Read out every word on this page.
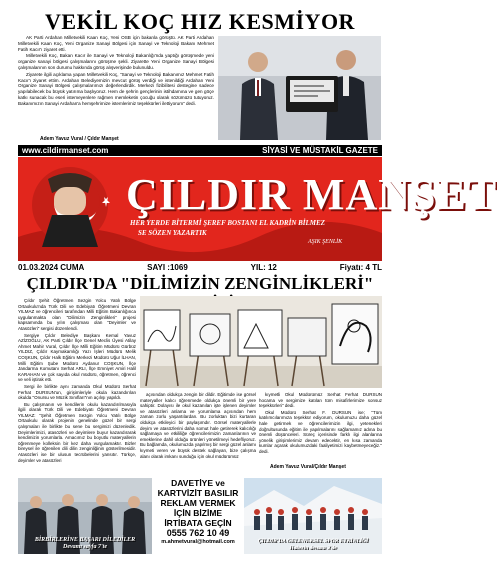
VEKİL KOÇ HIZ KESMİYOR

AK Parti Ardahan Milletvekili Kaan Koç, Yeni OSB için bakanla görüştü. AK Parti Ardahan Milletvekili Kaan Koç, Yeni Organize Sanayi Bölgesi için Sanayi ve Teknoloji Bakanı Mehmet Fatih Kacır'ı ziyaret etti.

Milletvekili Koç, Bakan Kacır ile Sanayi ve Teknoloji Bakanlığı'nda yaptığı görüşmede yeni organize sanayi bölgesi çalışmalarını görüşme şekli. Ziyarette Yeni Organize Sanayi Bölgesi çalışmalarının son durumu hakkında görüş alışverişinde bulunuldu.

Ziyarete ilgili açıklama yapan Milletvekili Koç, "Sanayi ve Teknoloji Bakanımız Mehmet Fatih Kacır'ı ziyaret ettim. Ardahan Belediyemizin mevcut görüş verdiği ve istenildiği Ardahan Yeni Organize Sanayi Bölgesi çalışmalarımızı değerlendirdik. Merkezi fizibilitesi destegine sadece yapılabilecek bu büyük yatırıma başlıyoruz. Hem de şehrin gençlerinin istihdamına ve gen göçe katkı sunacak bu eseri istemeyenlere rağmen memleketin çocuğu olarak sözümüzü tutuyoruz. Bakanımızın Sanayi Ardahan'a hemşehrimize istemlerimiz teşekkürleri ilettiyorum" dedi.

Adem Yavuz Vural / Çıldır Manşet
www.cildirmanset.com	SİYASİ VE MÜSTAKİL GAZETE
ÇILDIR MANŞET
HER YERDE BİTERMİ ŞEREF BOSTANI EL KADRİN BİLMEZ
SE SÖZEN YAZARTIK
AŞIK ŞENLİK
01.03.2024 CUMA	SAYI :1069	YIL: 12	Fiyatı: 4 TL
ÇILDIR'DA "DİLİMİZİN ZENGİNLİKLERİ"

Çıldır Şehit Öğretmen Sezgin Yolcu Yatılı Bölge Ortaokulu'nda Türk Dili ve Edebiyatı Öğretmeni Devran YILMAZ ve öğrencileri tarafından Milli Eğitim Bakanlığınca uygulanmakta olan "Dilimizin Zenginlikleri" projesi kapsamında bu yılın çalışması olan "Deyimler ve Atasözleri" sergisi düzenlendi.

Sergiye Çıldır Belediye Başkanı Kemal Yavuz AZİZOĞLU, AK Parti Çıldır İlçe Genel Meclis Üyesi Atilay Ahmet Mahir Vural, Çıldır İlçe Milli Eğitim Müdürü Gürbüz YILDIZ, Çıldır Kaymakamlığı Yazı İşleri Müdürü Melik COŞKUN, Çıldır Halk Eğitim Merkezi Müdürü Uğur İLHAN, Milli Eğitim Şube Müdürü Aydanur COŞKUN, İlçe Jandarma Komutanı Serhat ARLI, İlçe Emniyet Amiri Halil KARAHAN ve çok sayıda okul müdürü, öğretmen, öğrenci ve veli iştirak etti.

Sergi ile birlikte aynı zamanda Okul Müdürü Serhat Ferhat DURSUN'un, girişimleriyle okula kazandırılan okulda "Onursu ve Müzik Sınıfları"nın açılışı yapıldı.

Bu çalışmanın ve kendilerin okulu kazandırılmasıyla ilgili olarak Türk Dili ve Edebiyatı Öğretmeni Devran YILMAZ: "Şehit Öğretmen Sezgin Yolcu Yatılı Bölge Ortaokulu olarak projenin genelinde güzel bir sergi çalışmaları ile birlikte bu sene bu sergimizi düzenledik. Deyimlerimizi, atasözleri ve deyimlere buyur kazandırarak kendimizin yorumlarla. Amacımız bu boyutlu materyallerin öğrenmeye kolleksin bir kez daha vurgulamaktır. Bizler bireysel ile öğrenilen dili dilin zenginliğinin gösterilmesidir. Atasözleri ise bir ulusun tecrübelerini yansıtır. Türkçe, deyimler ve atasözleri

açısından oldukça zengin bir dildir. Eğitimde ise görsel materyaller kalıcı öğrenmede oldukça önemli bir yere sahiptir. Dolayısı ile okul kazanılan işte işlenen deyimler ve atasözleri anlama ve yorumlama açısından hem zaman zorlu yaşantılardan. Bu zorluktan bizi kurtaran oldukça etkileyici bir paylaşımdır. Görsel materyallerle deyim ve atasözlerini daha somut hale getirerek kalıcılığı sağlamaya ve etkililiğe öğrencilerimizin zamanlarının ve emeklerine dahil olduğu ürünleri yönetilmeyi hedefliyoruz. Bu bağlamda, okulumuzda yapılmış bir sergi güzel anlamı kıymeti veren ve büyük destek sağlayan, bize çalışma alanı olarak imkanı sunduğu için okul müdürümüz

kıymetli Okul Müdürümüz Serhat Ferhat DURSUN hocama ve sergimize katılan tüm misafirlerimize sonsuz teşekkürleri" dedi.

Okul Müdürü Serhat F. DURSUN ise; "Tüm katılımcılarımıza teşekkür ediyorum, okulumuzu daha güzel hale getirmek ve öğrencilerimizin ilgi, yetenekleri doğrultusunda eğitim ile yapılmalarını sağlamamız adına bu önemli düşünceleri. Süreç içerisinde farklı ilgi alanlarına yönelik girişimlerimiz devam edecektir, en kısa zamanda kumlar açarak okulumuzdaki faaliyetimizi kaybetmeyeceğiz." dedi.

Adem Yavuz Vural/Çıldır Manşet
BİRBİRLERİNE BAŞARI DİLEDİLER
Devamı sayfa 7'te
DAVETİYE ve
KARTVİZİT BASILIR
REKLAM VERMEK
İÇİN BİZİME
İRTİBATA GEÇİN
0555 762 10 49
m.ahmetvural@hotmail.com	ÇILDIR'DA GELENEKSEL SPOR ETKİNLİĞİ
Haberin devamı 3'de
